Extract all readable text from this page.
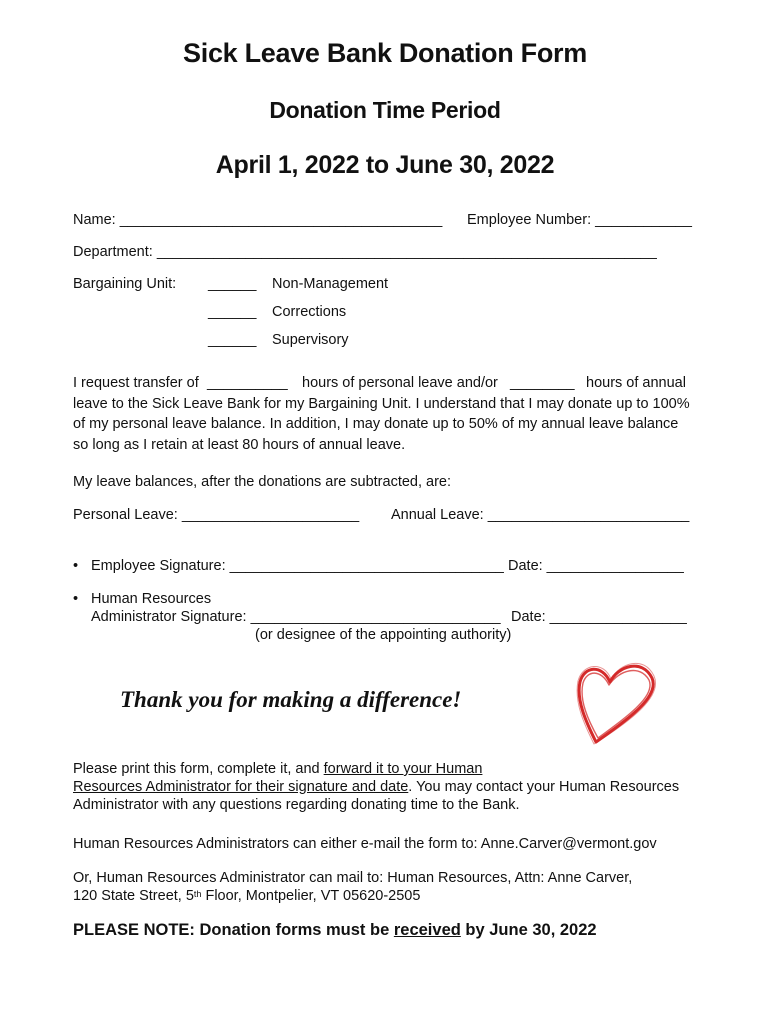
Sick Leave Bank Donation Form
Donation Time Period
April 1, 2022 to June 30, 2022
Name: ________________________________________ Employee Number: ____________
Department: ______________________________________________________________
Bargaining Unit: ______ Non-Management
______ Corrections
______ Supervisory
I request transfer of __________ hours of personal leave and/or ________ hours of annual
leave to the Sick Leave Bank for my Bargaining Unit. I understand that I may donate up to 100%
of my personal leave balance. In addition, I may donate up to 50% of my annual leave balance
so long as I retain at least 80 hours of annual leave.
My leave balances, after the donations are subtracted, are:
Personal Leave: ______________________ Annual Leave: _________________________
• Employee Signature: __________________________________ Date: _________________
• Human Resources
Administrator Signature: _______________________________ Date: _________________
(or designee of the appointing authority)
Thank you for making a difference!
Please print this form, complete it, and forward it to your Human
Resources Administrator for their signature and date. You may contact your Human Resources
Administrator with any questions regarding donating time to the Bank.
Human Resources Administrators can either e-mail the form to: Anne.Carver@vermont.gov
Or, Human Resources Administrator can mail to: Human Resources, Attn: Anne Carver,
120 State Street, 5th Floor, Montpelier, VT 05620-2505
PLEASE NOTE: Donation forms must be received by June 30, 2022
